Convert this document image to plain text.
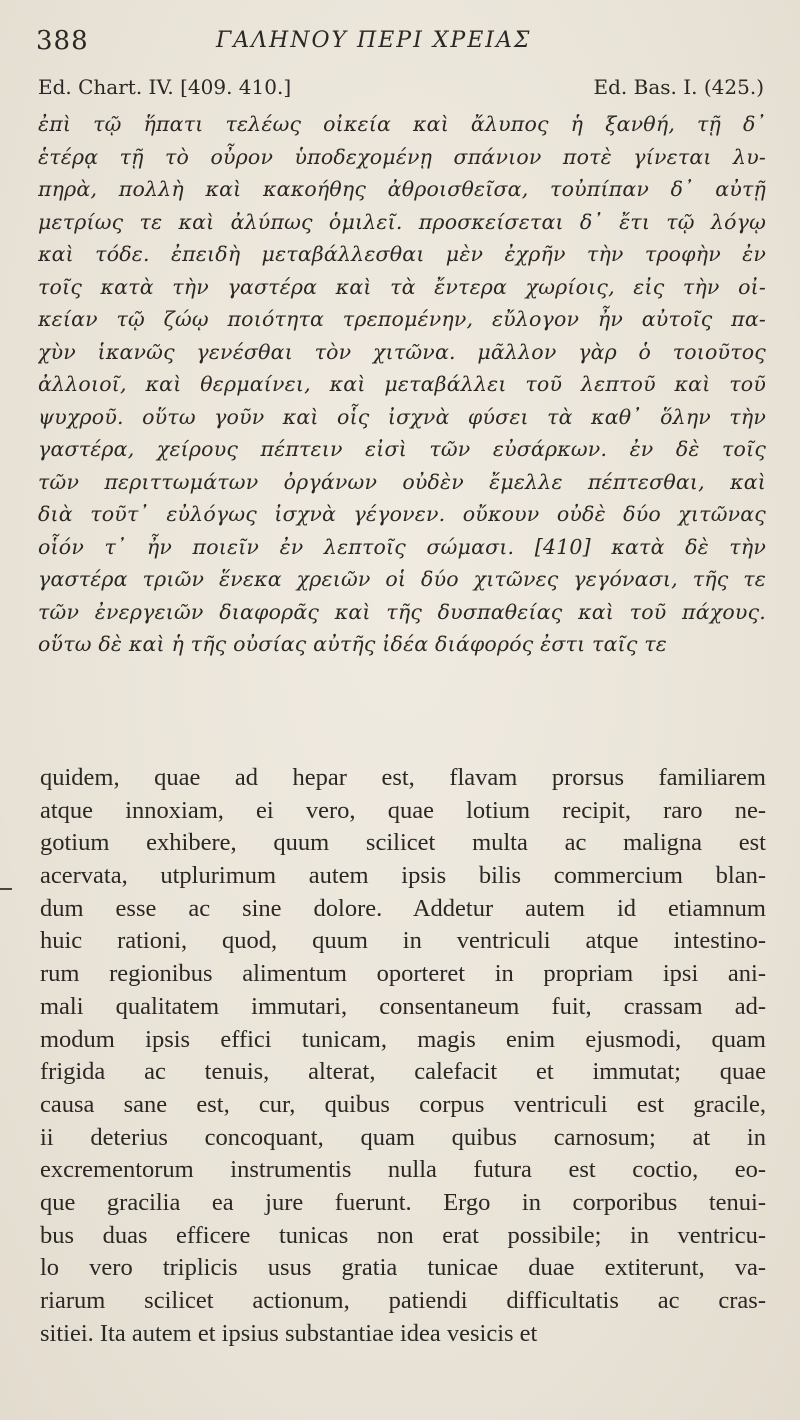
388	ΓΑΛΗΝΟΥ ΠΕΡΙ ΧΡΕΙΑΣ
Ed. Chart. IV. [409. 410.]	Ed. Bas. I. (425.)
ἐπὶ τῷ ἥπατι τελέως οἰκεία καὶ ἄλυπος ἡ ξανθή, τῇ δ᾽
ἑτέρᾳ τῇ τὸ οὖρον ὑποδεχομένῃ σπάνιον ποτὲ γίνεται λυ-
πηρὰ, πολλὴ καὶ κακοήθης ἀθροισθεῖσα, τοὐπίπαν δ᾽ αὐτῇ
μετρίως τε καὶ ἀλύπως ὁμιλεῖ. προσκείσεται δ᾽ ἔτι τῷ λόγῳ
καὶ τόδε. ἐπειδὴ μεταβάλλεσθαι μὲν ἐχρῆν τὴν τροφὴν ἐν
τοῖς κατὰ τὴν γαστέρα καὶ τὰ ἔντερα χωρίοις, εἰς τὴν οἰ-
κείαν τῷ ζώῳ ποιότητα τρεπομένην, εὔλογον ἦν αὐτοῖς πα-
χὺν ἱκανῶς γενέσθαι τὸν χιτῶνα. μᾶλλον γὰρ ὁ τοιοῦτος
ἀλλοιοῖ, καὶ θερμαίνει, καὶ μεταβάλλει τοῦ λεπτοῦ καὶ τοῦ
ψυχροῦ. οὕτω γοῦν καὶ οἷς ἰσχνὰ φύσει τὰ καθ᾽ ὅλην τὴν
γαστέρα, χείρους πέπτειν εἰσὶ τῶν εὐσάρκων. ἐν δὲ τοῖς
τῶν περιττωμάτων ὀργάνων οὐδὲν ἔμελλε πέπτεσθαι, καὶ
διὰ τοῦτ᾽ εὐλόγως ἰσχνὰ γέγονεν. οὔκουν οὐδὲ δύο χιτῶνας
οἷόν τ᾽ ἦν ποιεῖν ἐν λεπτοῖς σώμασι. [410] κατὰ δὲ τὴν
γαστέρα τριῶν ἕνεκα χρειῶν οἱ δύο χιτῶνες γεγόνασι, τῆς τε
τῶν ἐνεργειῶν διαφορᾶς καὶ τῆς δυσπαθείας καὶ τοῦ πάχους.
οὕτω δὲ καὶ ἡ τῆς οὐσίας αὐτῆς ἰδέα διάφορός ἐστι ταῖς τε
quidem, quae ad hepar est, flavam prorsus familiarem
atque innoxiam, ei vero, quae lotium recipit, raro ne-
gotium exhibere, quum scilicet multa ac maligna est
acervata, utplurimum autem ipsis bilis commercium blan-
dum esse ac sine dolore. Addetur autem id etiamnum
huic rationi, quod, quum in ventriculi atque intestino-
rum regionibus alimentum oporteret in propriam ipsi ani-
mali qualitatem immutari, consentaneum fuit, crassam ad-
modum ipsis effici tunicam, magis enim ejusmodi, quam
frigida ac tenuis, alterat, calefacit et immutat; quae
causa sane est, cur, quibus corpus ventriculi est gracile,
ii deterius concoquant, quam quibus carnosum; at in
excrementorum instrumentis nulla futura est coctio, eo-
que gracilia ea jure fuerunt. Ergo in corporibus tenui-
bus duas efficere tunicas non erat possibile; in ventricu-
lo vero triplicis usus gratia tunicae duae extiterunt, va-
riarum scilicet actionum, patiendi difficultatis ac cras-
sitiei. Ita autem et ipsius substantiae idea vesicis et
